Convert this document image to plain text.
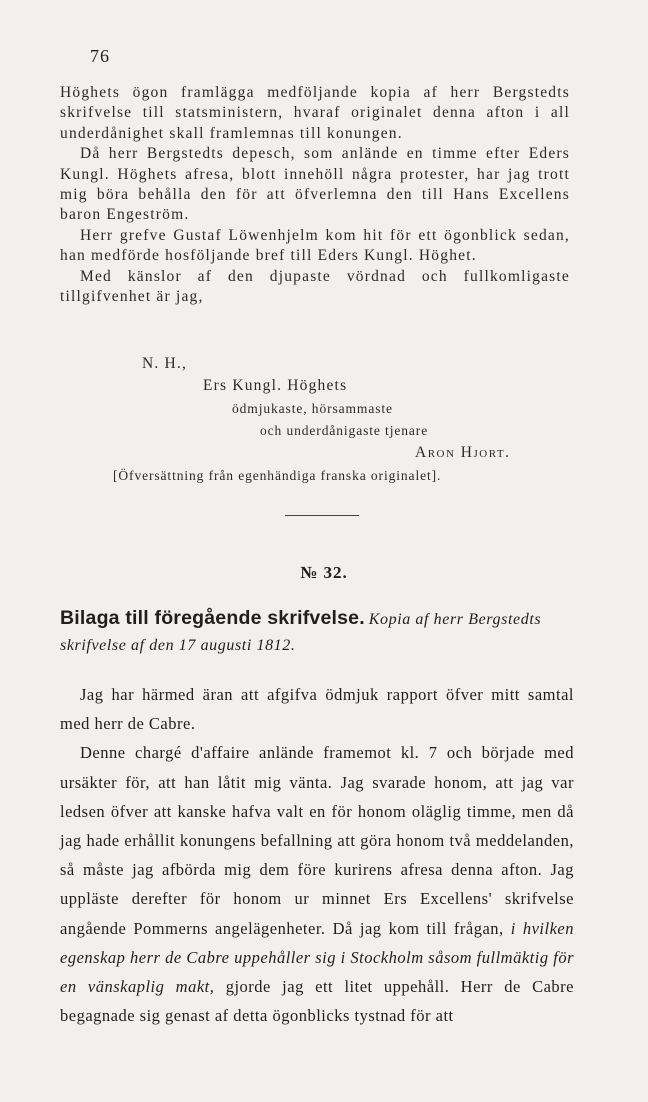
76

Höghets ögon framlägga medföljande kopia af herr Bergstedts skrifvelse till statsministern, hvaraf originalet denna afton i all underdånighet skall framlemnas till konungen.

Då herr Bergstedts depesch, som anlände en timme efter Eders Kungl. Höghets afresa, blott innehöll några protester, har jag trott mig böra behålla den för att öfverlemna den till Hans Excellens baron Engeström.

Herr grefve Gustaf Löwenhjelm kom hit för ett ögonblick sedan, han medförde hosföljande bref till Eders Kungl. Höghet.

Med känslor af den djupaste vördnad och fullkomligaste tillgifvenhet är jag,

N. H.,
Ers Kungl. Höghets
ödmjukaste, hörsammaste
och underdånigaste tjenare
Aron Hjort.
[Öfversättning från egenhändiga franska originalet].
№ 32.
Bilaga till föregående skrifvelse. Kopia af herr Bergstedts skrifvelse af den 17 augusti 1812.

Jag har härmed äran att afgifva ödmjuk rapport öfver mitt samtal med herr de Cabre.

Denne chargé d'affaire anlände framemot kl. 7 och började med ursäkter för, att han låtit mig vänta. Jag svarade honom, att jag var ledsen öfver att kanske hafva valt en för honom oläglig timme, men då jag hade erhållit konungens befallning att göra honom två meddelanden, så måste jag afbörda mig dem före kurirens afresa denna afton. Jag uppläste derefter för honom ur minnet Ers Excellens' skrifvelse angående Pommerns angelägenheter. Då jag kom till frågan, i hvilken egenskap herr de Cabre uppehåller sig i Stockholm såsom fullmäktig för en vänskaplig makt, gjorde jag ett litet uppehåll. Herr de Cabre begagnade sig genast af detta ögonblicks tystnad för att
